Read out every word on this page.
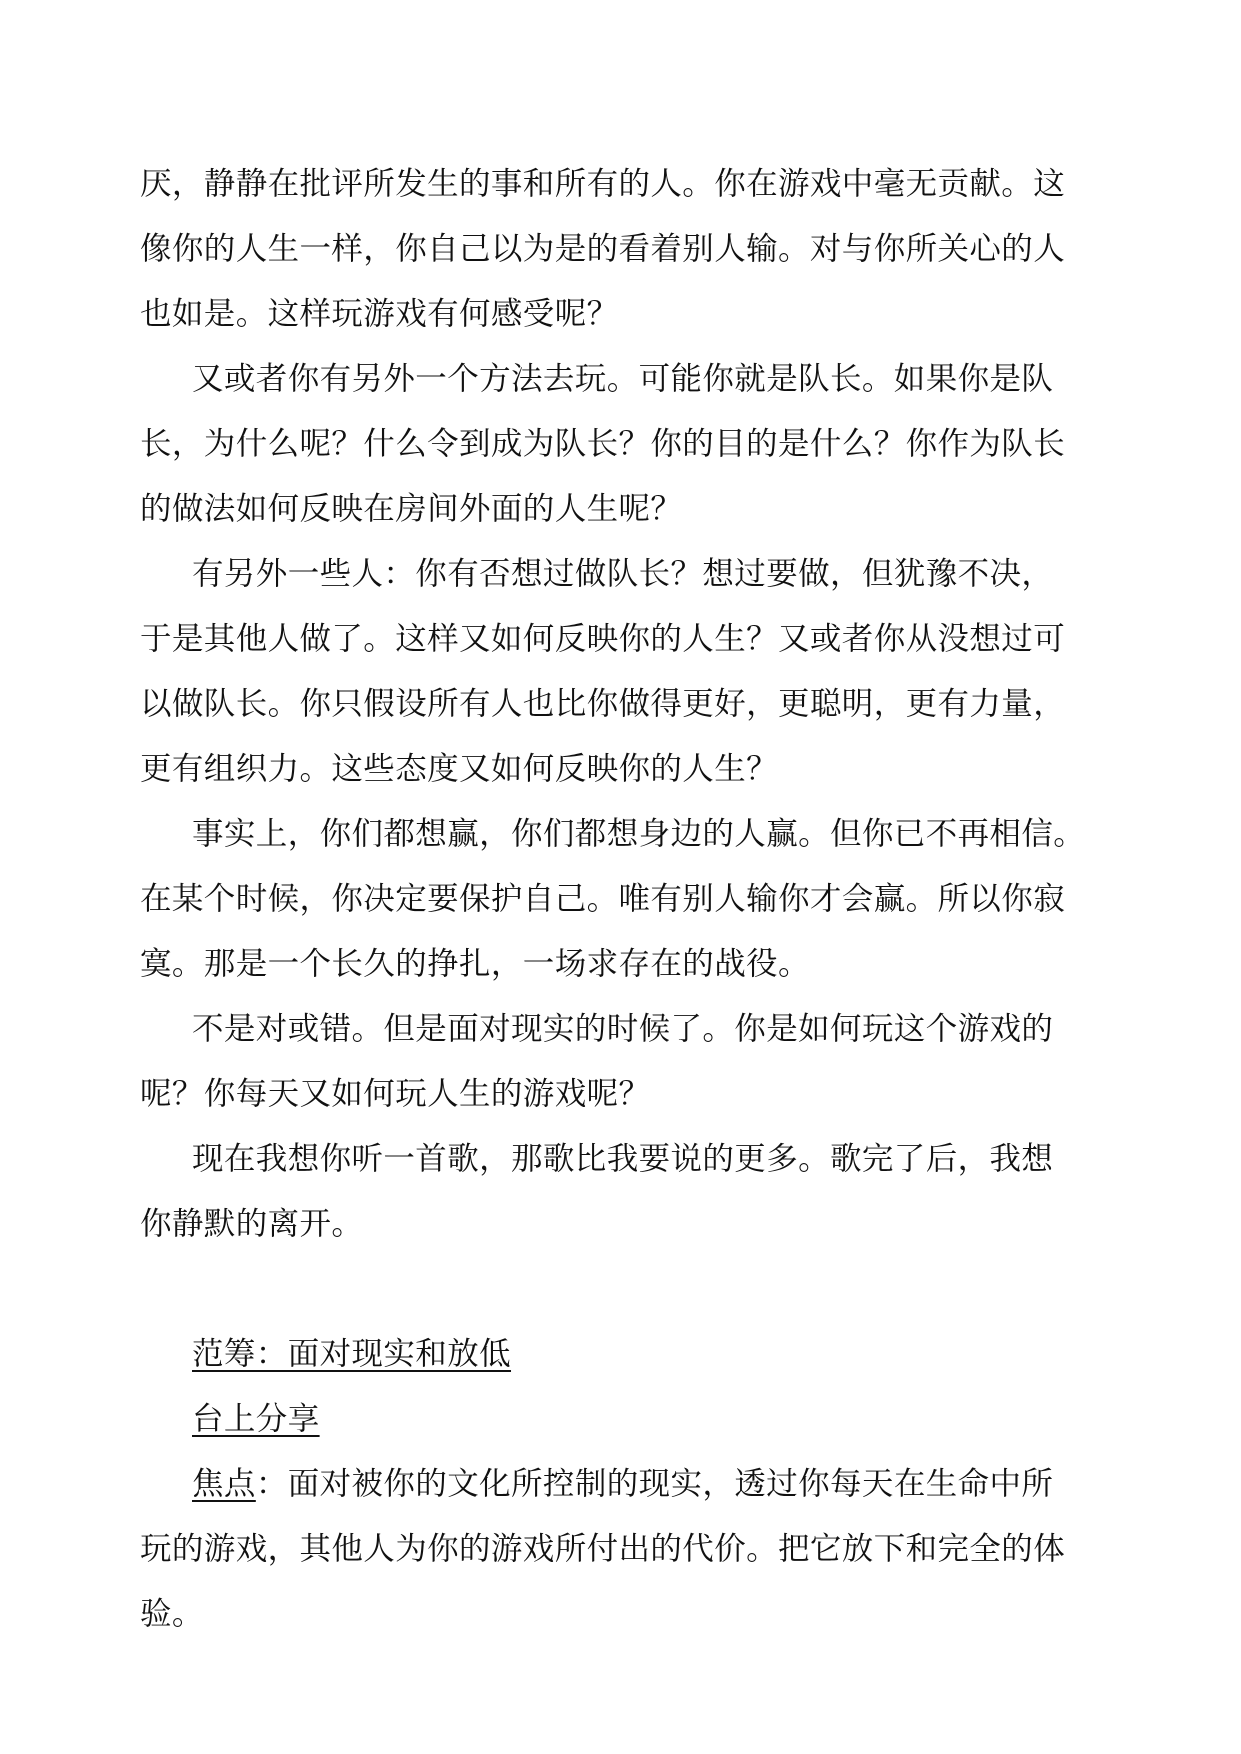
厌，静静在批评所发生的事和所有的人。你在游戏中毫无贡献。这
像你的人生一样，你自己以为是的看着别人输。对与你所关心的人
也如是。这样玩游戏有何感受呢？
又或者你有另外一个方法去玩。可能你就是队长。如果你是队
长，为什么呢？什么令到成为队长？你的目的是什么？你作为队长
的做法如何反映在房间外面的人生呢？
有另外一些人：你有否想过做队长？想过要做，但犹豫不决，
于是其他人做了。这样又如何反映你的人生？又或者你从没想过可
以做队长。你只假设所有人也比你做得更好，更聪明，更有力量，
更有组织力。这些态度又如何反映你的人生？
事实上，你们都想赢，你们都想身边的人赢。但你已不再相信。
在某个时候，你决定要保护自己。唯有别人输你才会赢。所以你寂
寞。那是一个长久的挣扎，一场求存在的战役。
不是对或错。但是面对现实的时候了。你是如何玩这个游戏的
呢？你每天又如何玩人生的游戏呢？
现在我想你听一首歌，那歌比我要说的更多。歌完了后，我想
你静默的离开。
范筹：面对现实和放低
台上分享
焦点：面对被你的文化所控制的现实，透过你每天在生命中所
玩的游戏，其他人为你的游戏所付出的代价。把它放下和完全的体
验。
